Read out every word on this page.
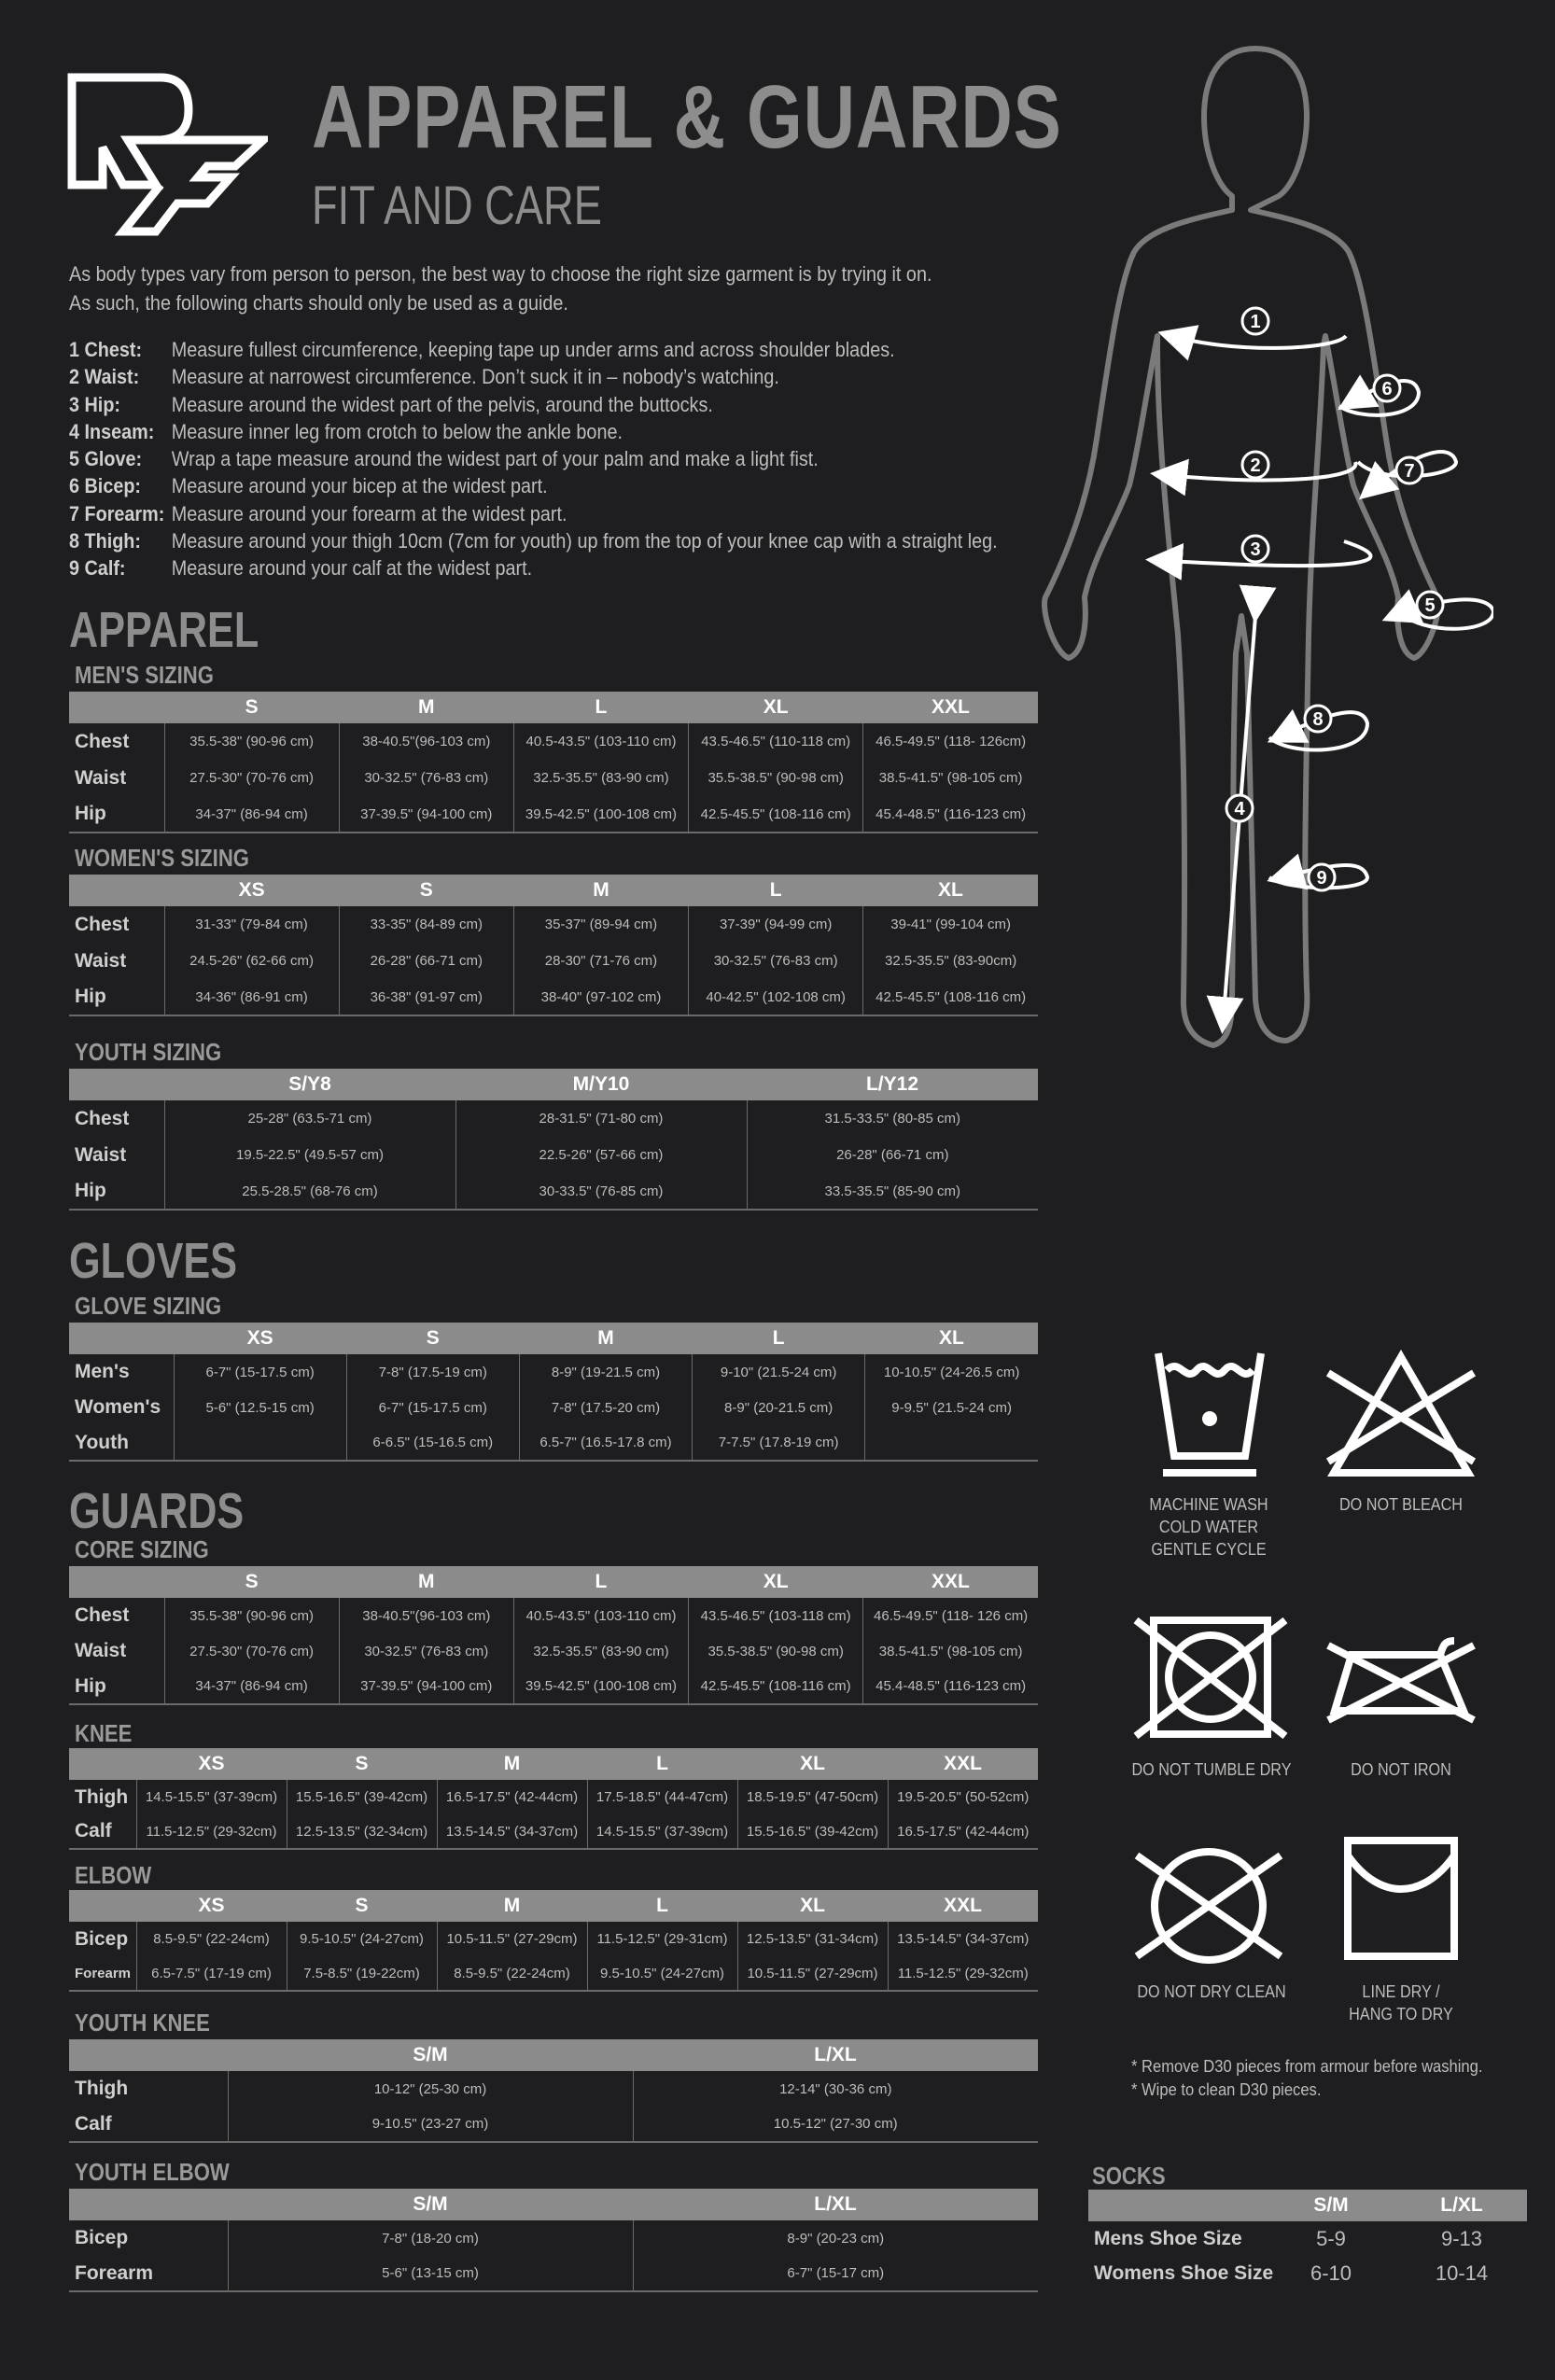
APPAREL & GUARDS
FIT AND CARE
As body types vary from person to person, the best way to choose the right size garment is by trying it on.
As such, the following charts should only be used as a guide.
1 Chest:	Measure fullest circumference, keeping tape up under arms and across shoulder blades.
2 Waist:	Measure at narrowest circumference. Don’t suck it in – nobody’s watching.
3 Hip:	Measure around the widest part of the pelvis, around the buttocks.
4 Inseam: Measure inner leg from crotch to below the ankle bone.
5 Glove:	Wrap a tape measure around the widest part of your palm and make a light fist.
6 Bicep:	Measure around your bicep at the widest part.
7 Forearm: Measure around your forearm at the widest part.
8 Thigh:	Measure around your thigh 10cm (7cm for youth) up from the top of your knee cap with a straight leg.
9 Calf:	Measure around your calf at the widest part.
APPAREL
MEN'S SIZING
	S	M	L	XL	XXL
Chest	35.5-38" (90-96 cm)	38-40.5"(96-103 cm)	40.5-43.5" (103-110 cm)	43.5-46.5" (110-118 cm)	46.5-49.5" (118- 126cm)
Waist	27.5-30" (70-76 cm)	30-32.5" (76-83 cm)	32.5-35.5" (83-90 cm)	35.5-38.5" (90-98 cm)	38.5-41.5" (98-105 cm)
Hip	34-37" (86-94 cm)	37-39.5" (94-100 cm)	39.5-42.5" (100-108 cm)	42.5-45.5" (108-116 cm)	45.4-48.5" (116-123 cm)
WOMEN'S SIZING
	XS	S	M	L	XL
Chest	31-33" (79-84 cm)	33-35" (84-89 cm)	35-37" (89-94 cm)	37-39" (94-99 cm)	39-41" (99-104 cm)
Waist	24.5-26" (62-66 cm)	26-28" (66-71 cm)	28-30" (71-76 cm)	30-32.5" (76-83 cm)	32.5-35.5" (83-90cm)
Hip	34-36" (86-91 cm)	36-38" (91-97 cm)	38-40" (97-102 cm)	40-42.5" (102-108 cm)	42.5-45.5" (108-116 cm)
YOUTH SIZING
	S/Y8	M/Y10	L/Y12
Chest	25-28" (63.5-71 cm)	28-31.5" (71-80 cm)	31.5-33.5" (80-85 cm)
Waist	19.5-22.5" (49.5-57 cm)	22.5-26" (57-66 cm)	26-28" (66-71 cm)
Hip	25.5-28.5" (68-76 cm)	30-33.5" (76-85 cm)	33.5-35.5" (85-90 cm)
GLOVES
GLOVE SIZING
	XS	S	M	L	XL
Men's	6-7" (15-17.5 cm)	7-8" (17.5-19 cm)	8-9" (19-21.5 cm)	9-10" (21.5-24 cm)	10-10.5" (24-26.5 cm)
Women's	5-6" (12.5-15 cm)	6-7" (15-17.5 cm)	7-8" (17.5-20 cm)	8-9" (20-21.5 cm)	9-9.5" (21.5-24 cm)
Youth		6-6.5" (15-16.5 cm)	6.5-7" (16.5-17.8 cm)	7-7.5" (17.8-19 cm)	
GUARDS
CORE SIZING
	S	M	L	XL	XXL
Chest	35.5-38" (90-96 cm)	38-40.5"(96-103 cm)	40.5-43.5" (103-110 cm)	43.5-46.5" (103-118 cm)	46.5-49.5" (118- 126 cm)
Waist	27.5-30" (70-76 cm)	30-32.5" (76-83 cm)	32.5-35.5" (83-90 cm)	35.5-38.5" (90-98 cm)	38.5-41.5" (98-105 cm)
Hip	34-37" (86-94 cm)	37-39.5" (94-100 cm)	39.5-42.5" (100-108 cm)	42.5-45.5" (108-116 cm)	45.4-48.5" (116-123 cm)
KNEE
	XS	S	M	L	XL	XXL
Thigh	14.5-15.5" (37-39cm)	15.5-16.5" (39-42cm)	16.5-17.5" (42-44cm)	17.5-18.5" (44-47cm)	18.5-19.5" (47-50cm)	19.5-20.5" (50-52cm)
Calf	11.5-12.5" (29-32cm)	12.5-13.5" (32-34cm)	13.5-14.5" (34-37cm)	14.5-15.5" (37-39cm)	15.5-16.5" (39-42cm)	16.5-17.5" (42-44cm)
ELBOW
	XS	S	M	L	XL	XXL
Bicep	8.5-9.5" (22-24cm)	9.5-10.5" (24-27cm)	10.5-11.5" (27-29cm)	11.5-12.5" (29-31cm)	12.5-13.5" (31-34cm)	13.5-14.5" (34-37cm)
Forearm	6.5-7.5" (17-19 cm)	7.5-8.5" (19-22cm)	8.5-9.5" (22-24cm)	9.5-10.5" (24-27cm)	10.5-11.5" (27-29cm)	11.5-12.5" (29-32cm)
YOUTH KNEE
	S/M	L/XL
Thigh	10-12" (25-30 cm)	12-14" (30-36 cm)
Calf	9-10.5" (23-27 cm)	10.5-12" (27-30 cm)
YOUTH ELBOW
	S/M	L/XL
Bicep	7-8" (18-20 cm)	8-9" (20-23 cm)
Forearm	5-6" (13-15 cm)	6-7" (15-17 cm)
1
2
3
4
5
6
7
8
9
MACHINE WASH
COLD WATER
GENTLE CYCLE
DO NOT BLEACH
DO NOT TUMBLE DRY	DO NOT IRON
DO NOT DRY CLEAN	LINE DRY /
HANG TO DRY
* Remove D30 pieces from armour before washing.
* Wipe to clean D30 pieces.
SOCKS
	S/M	L/XL
Mens Shoe Size	5-9	9-13
Womens Shoe Size	6-10	10-14
